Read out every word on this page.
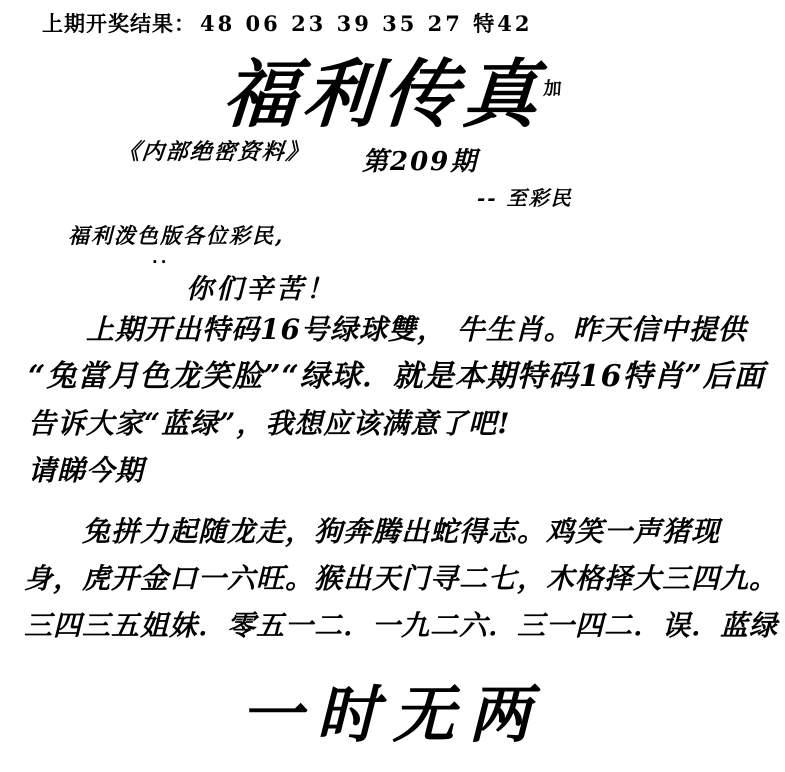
上期开奖结果： 48 06 23 39 35 27 特42
福利传真$^加$
《内部绝密资料》 第209期
-- 至彩民
福利泼色版各位彩民,
··
你们辛苦！

上期开出特码16号绿球雙， 牛生肖。昨天信中提供

“兔當月色龙笑脸”“绿球．就是本期特码16特肖”后面

告诉大家“蓝绿”，我想应该满意了吧!

请睇今期

兔拼力起随龙走，狗奔腾出蛇得志。鸡笑一声猪现

身，虎开金口一六旺。猴出天门寻二七，木格择大三四九。

三四三五姐妹．零五一二．一九二六．三一四二．误．蓝绿

一时无两
